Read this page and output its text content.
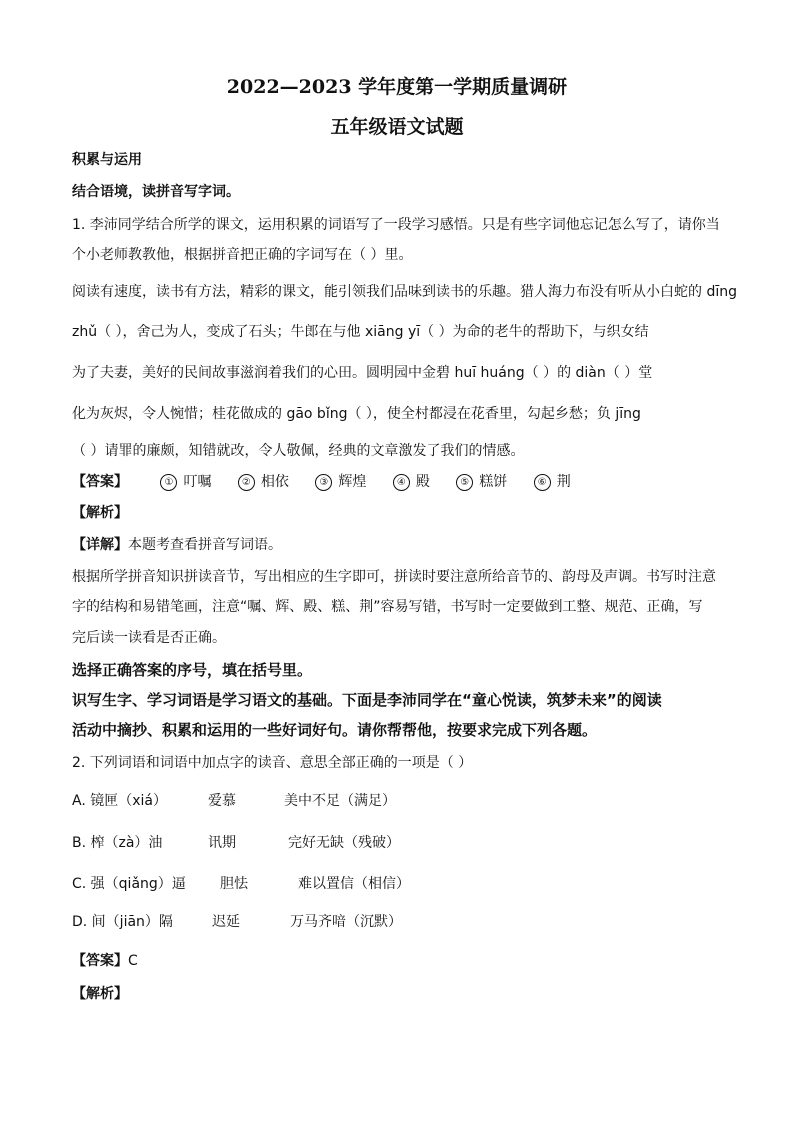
2022—2023 学年度第一学期质量调研
五年级语文试题
积累与运用
结合语境，读拼音写字词。
1. 李沛同学结合所学的课文，运用积累的词语写了一段学习感悟。只是有些字词他忘记怎么写了，请你当
个小老师教教他，根据拼音把正确的字词写在（ ）里。
阅读有速度，读书有方法，精彩的课文，能引领我们品味到读书的乐趣。猎人海力布没有听从小白蛇的 dīng
zhǔ（ ），舍己为人，变成了石头；牛郎在与他 xiāng yī（ ）为命的老牛的帮助下，与织女结
为了夫妻，美好的民间故事滋润着我们的心田。圆明园中金碧 huī huáng（ ）的 diàn（ ）堂
化为灰烬，令人惋惜；桂花做成的 gāo bǐng（ ），使全村都浸在花香里，勾起乡愁；负 jīng
（ ）请罪的廉颇，知错就改，令人敬佩，经典的文章激发了我们的情感。
【答案】	① 叮嘱	② 相依	③ 辉煌	④ 殿	⑤ 糕饼	⑥ 荆
【解析】
【详解】本题考查看拼音写词语。
根据所学拼音知识拼读音节，写出相应的生字即可，拼读时要注意所给音节的、韵母及声调。书写时注意
字的结构和易错笔画，注意“嘱、辉、殿、糕、荆”容易写错，书写时一定要做到工整、规范、正确，写
完后读一读看是否正确。
选择正确答案的序号，填在括号里。
识写生字、学习词语是学习语文的基础。下面是李沛同学在“童心悦读，筑梦未来”的阅读
活动中摘抄、积累和运用的一些好词好句。请你帮帮他，按要求完成下列各题。
2. 下列词语和词语中加点字的读音、意思全部正确的一项是（ ）
A. 镜匣（xiá）	爱慕	美中不足（满足）
B. 榨（zà）油	讯期	完好无缺（残破）
C. 强（qiǎng）逼 胆怯	难以置信（相信）
D. 间（jiān）隔	迟延	万马齐喑（沉默）
【答案】C
【解析】
